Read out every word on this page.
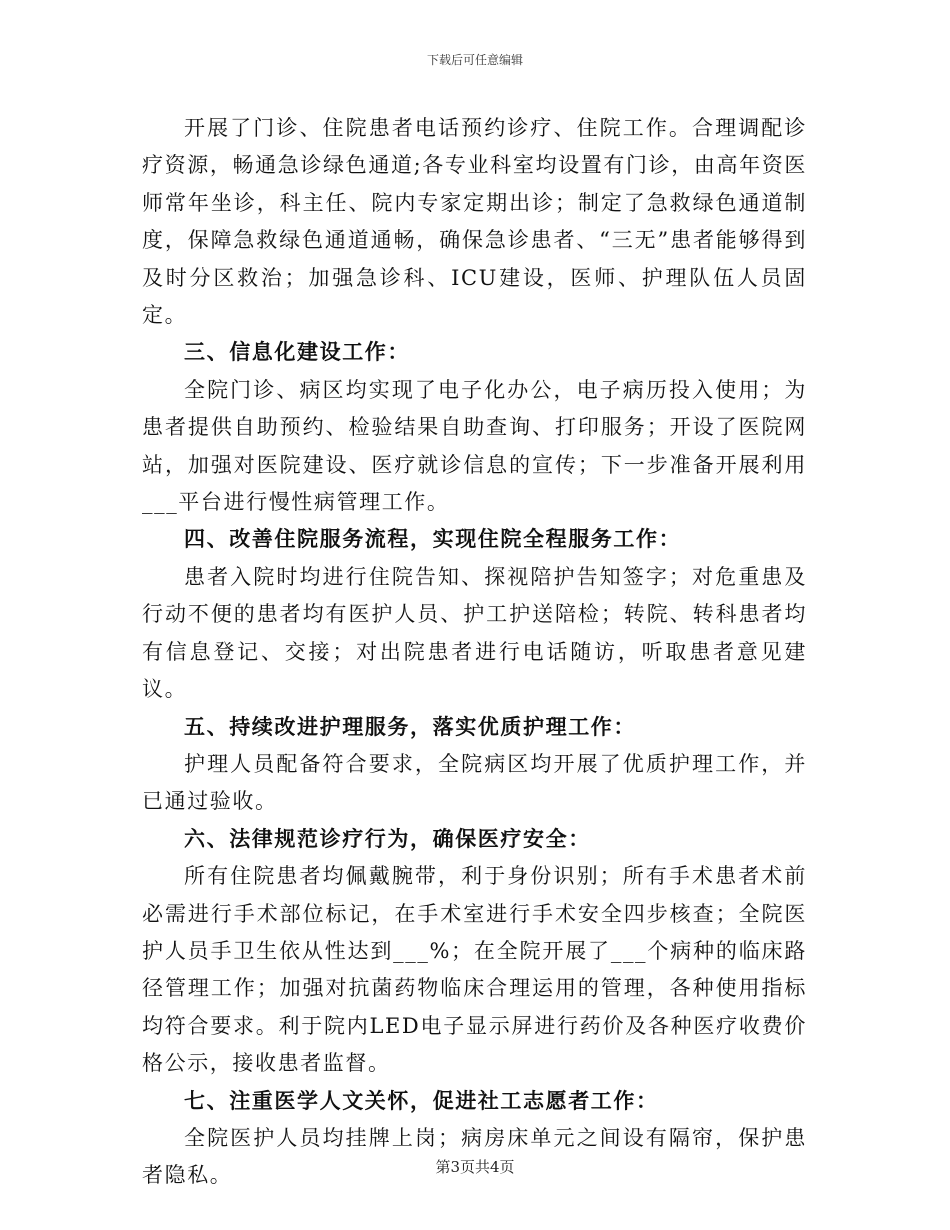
下载后可任意编辑

开展了门诊、住院患者电话预约诊疗、住院工作。合理调配诊疗资源，畅通急诊绿色通道;各专业科室均设置有门诊，由高年资医师常年坐诊，科主任、院内专家定期出诊；制定了急救绿色通道制度，保障急救绿色通道通畅，确保急诊患者、“三无”患者能够得到及时分区救治；加强急诊科、ICU建设，医师、护理队伍人员固定。

三、信息化建设工作：

全院门诊、病区均实现了电子化办公，电子病历投入使用；为患者提供自助预约、检验结果自助查询、打印服务；开设了医院网站，加强对医院建设、医疗就诊信息的宣传；下一步准备开展利用___平台进行慢性病管理工作。

四、改善住院服务流程，实现住院全程服务工作：

患者入院时均进行住院告知、探视陪护告知签字；对危重患及行动不便的患者均有医护人员、护工护送陪检；转院、转科患者均有信息登记、交接；对出院患者进行电话随访，听取患者意见建议。

五、持续改进护理服务，落实优质护理工作：

护理人员配备符合要求，全院病区均开展了优质护理工作，并已通过验收。

六、法律规范诊疗行为，确保医疗安全：

所有住院患者均佩戴腕带，利于身份识别；所有手术患者术前必需进行手术部位标记，在手术室进行手术安全四步核查；全院医护人员手卫生依从性达到___%；在全院开展了___个病种的临床路径管理工作；加强对抗菌药物临床合理运用的管理，各种使用指标均符合要求。利于院内LED电子显示屏进行药价及各种医疗收费价格公示，接收患者监督。

七、注重医学人文关怀，促进社工志愿者工作：

全院医护人员均挂牌上岗；病房床单元之间设有隔帘，保护患者隐私。	第3页共4页
